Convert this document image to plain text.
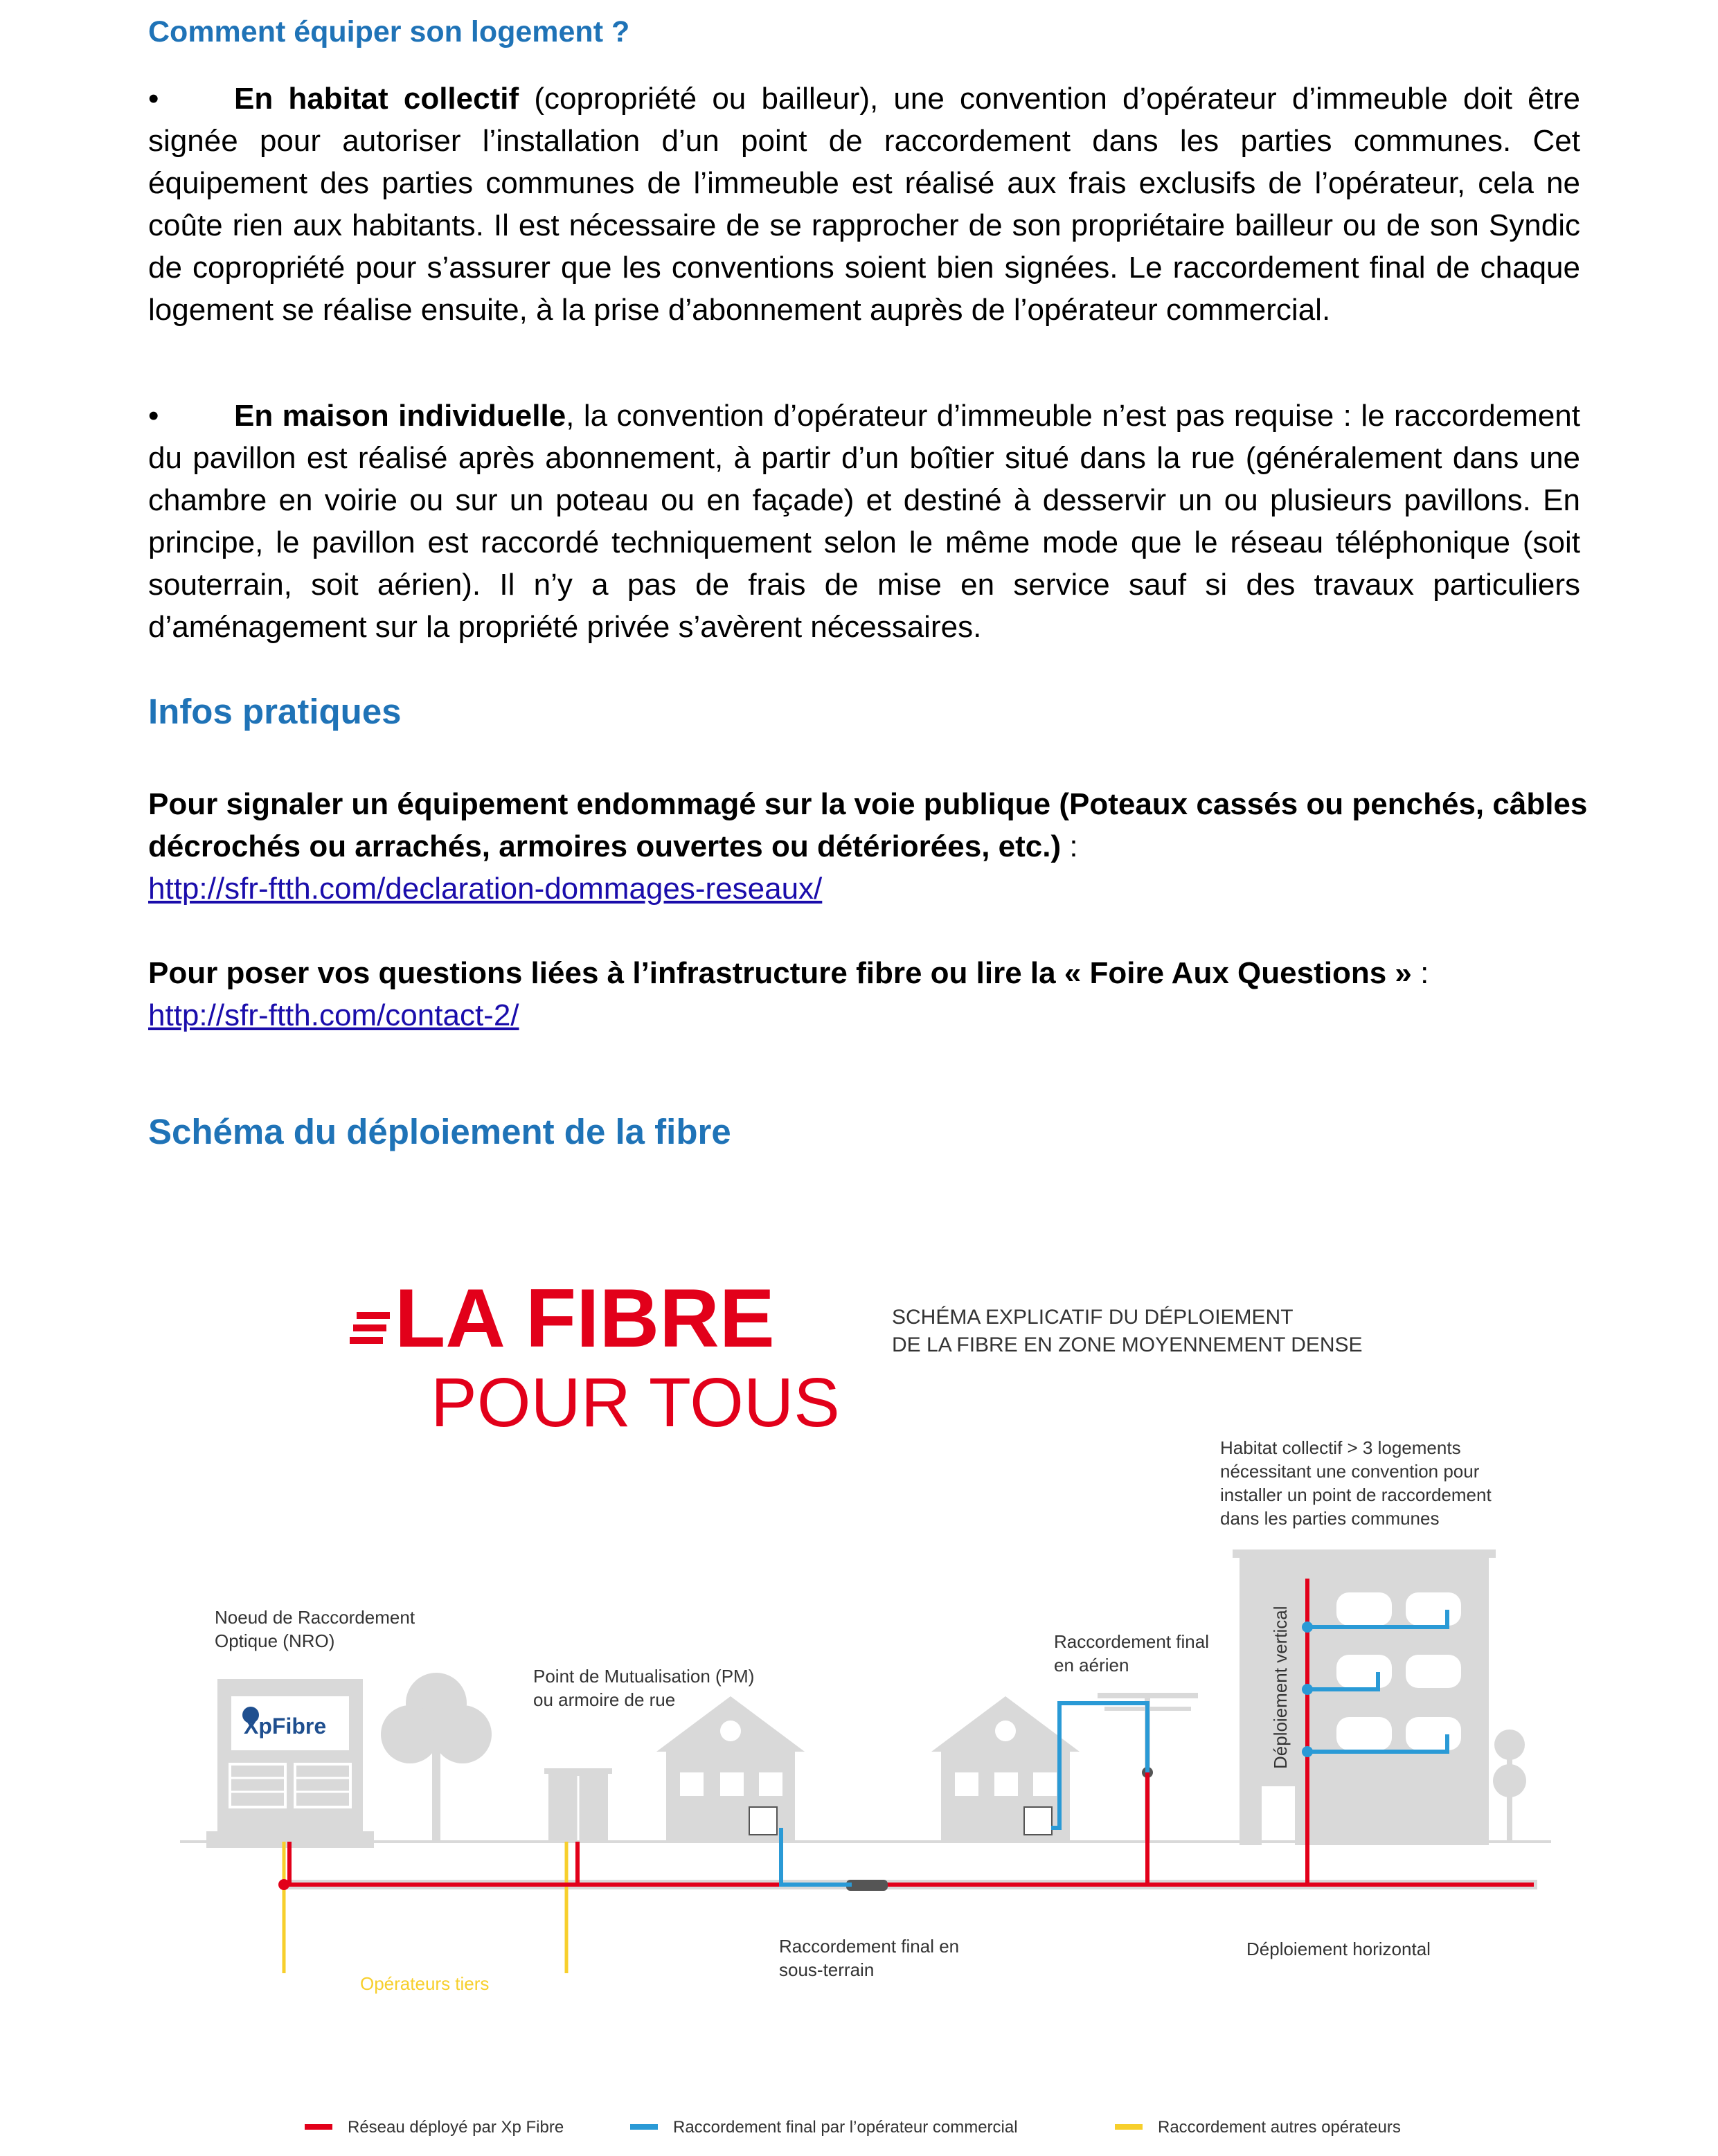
Comment équiper son logement ?

• En habitat collectif (copropriété ou bailleur), une convention d’opérateur d’immeuble doit être signée pour autoriser l’installation d’un point de raccordement dans les parties communes. Cet équipement des parties communes de l’immeuble est réalisé aux frais exclusifs de l’opérateur, cela ne coûte rien aux habitants. Il est nécessaire de se rapprocher de son propriétaire bailleur ou de son Syndic de copropriété pour s’assurer que les conventions soient bien signées. Le raccordement final de chaque logement se réalise ensuite, à la prise d’abonnement auprès de l’opérateur commercial.

• En maison individuelle, la convention d’opérateur d’immeuble n’est pas requise : le raccordement du pavillon est réalisé après abonnement, à partir d’un boîtier situé dans la rue (généralement dans une chambre en voirie ou sur un poteau ou en façade) et destiné à desservir un ou plusieurs pavillons. En principe, le pavillon est raccordé techniquement selon le même mode que le réseau téléphonique (soit souterrain, soit aérien). Il n’y a pas de frais de mise en service sauf si des travaux particuliers d’aménagement sur la propriété privée s’avèrent nécessaires.

Infos pratiques

Pour signaler un équipement endommagé sur la voie publique (Poteaux cassés ou penchés, câbles décrochés ou arrachés, armoires ouvertes ou détériorées, etc.) :
http://sfr-ftth.com/declaration-dommages-reseaux/

Pour poser vos questions liées à l’infrastructure fibre ou lire la « Foire Aux Questions » :
http://sfr-ftth.com/contact-2/

Schéma du déploiement de la fibre
LA FIBRE
POUR TOUS
SCHÉMA EXPLICATIF DU DÉPLOIEMENT
DE LA FIBRE EN ZONE MOYENNEMENT DENSE
Habitat collectif > 3 logements
nécessitant une convention pour
installer un point de raccordement
dans les parties communes
XpFibre
Noeud de Raccordement
Optique (NRO)
Point de Mutualisation (PM)
ou armoire de rue
Raccordement final
en aérien	Déploiement vertical
Raccordement final en
sous-terrain
Déploiement horizontal
Opérateurs tiers
Réseau déployé par Xp Fibre	Raccordement final par l’opérateur commercial	Raccordement autres opérateurs
